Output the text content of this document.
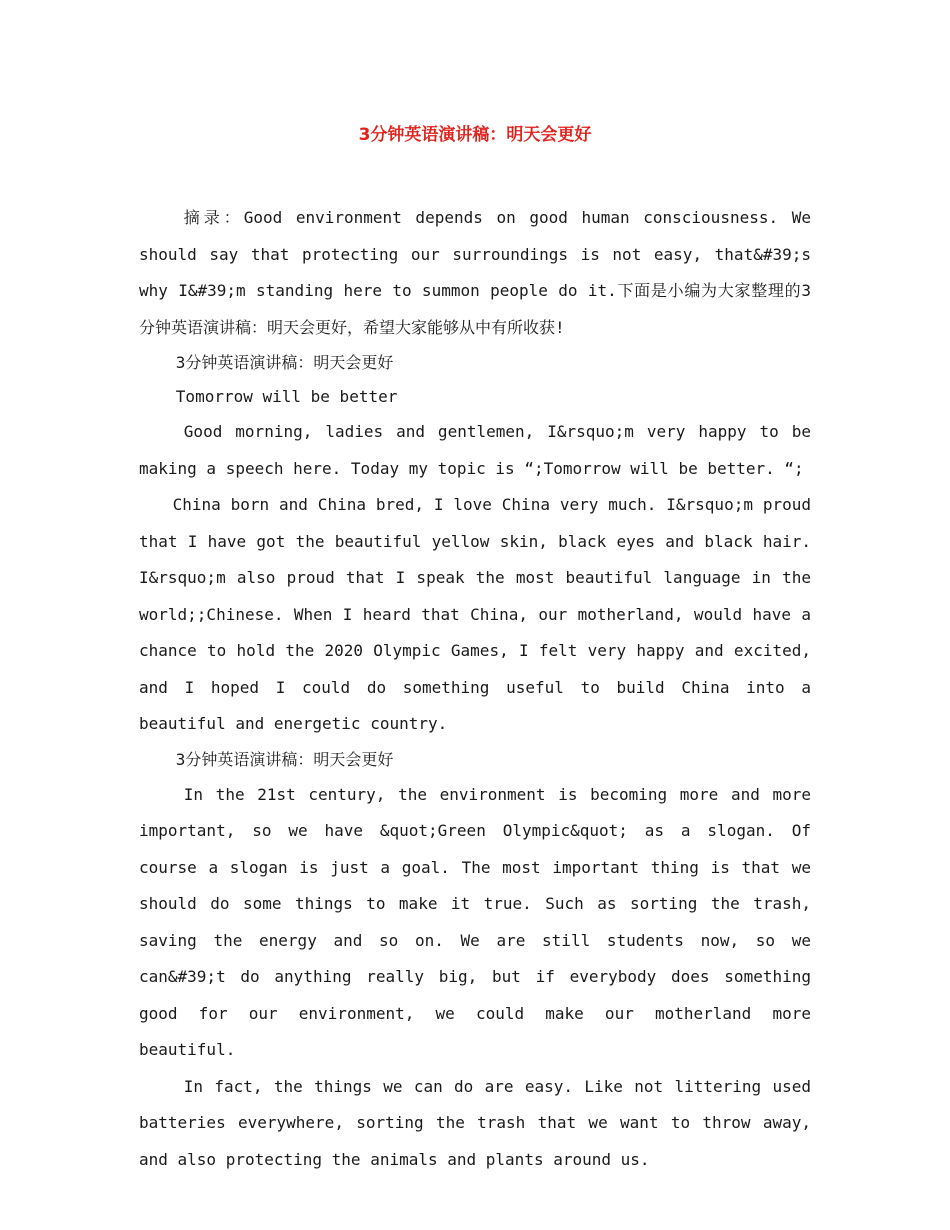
3分钟英语演讲稿：明天会更好

摘录：Good environment depends on good human consciousness. We should say that protecting our surroundings is not easy, that&#39;s why I&#39;m standing here to summon people do it.下面是小编为大家整理的3分钟英语演讲稿：明天会更好，希望大家能够从中有所收获!

3分钟英语演讲稿：明天会更好

Tomorrow will be better

Good morning, ladies and gentlemen, I&rsquo;m very happy to be making a speech here. Today my topic is “;Tomorrow will be better. “;

China born and China bred, I love China very much. I&rsquo;m proud that I have got the beautiful yellow skin, black eyes and black hair. I&rsquo;m also proud that I speak the most beautiful language in the world;;Chinese. When I heard that China, our motherland, would have a chance to hold the 2020 Olympic Games, I felt very happy and excited, and I hoped I could do something useful to build China into a beautiful and energetic country.

3分钟英语演讲稿：明天会更好

In the 21st century, the environment is becoming more and more important, so we have &quot;Green Olympic&quot; as a slogan. Of course a slogan is just a goal. The most important thing is that we should do some things to make it true. Such as sorting the trash, saving the energy and so on. We are still students now, so we can&#39;t do anything really big, but if everybody does something good for our environment, we could make our motherland more beautiful.

In fact, the things we can do are easy. Like not littering used batteries everywhere, sorting the trash that we want to throw away, and also protecting the animals and plants around us.
